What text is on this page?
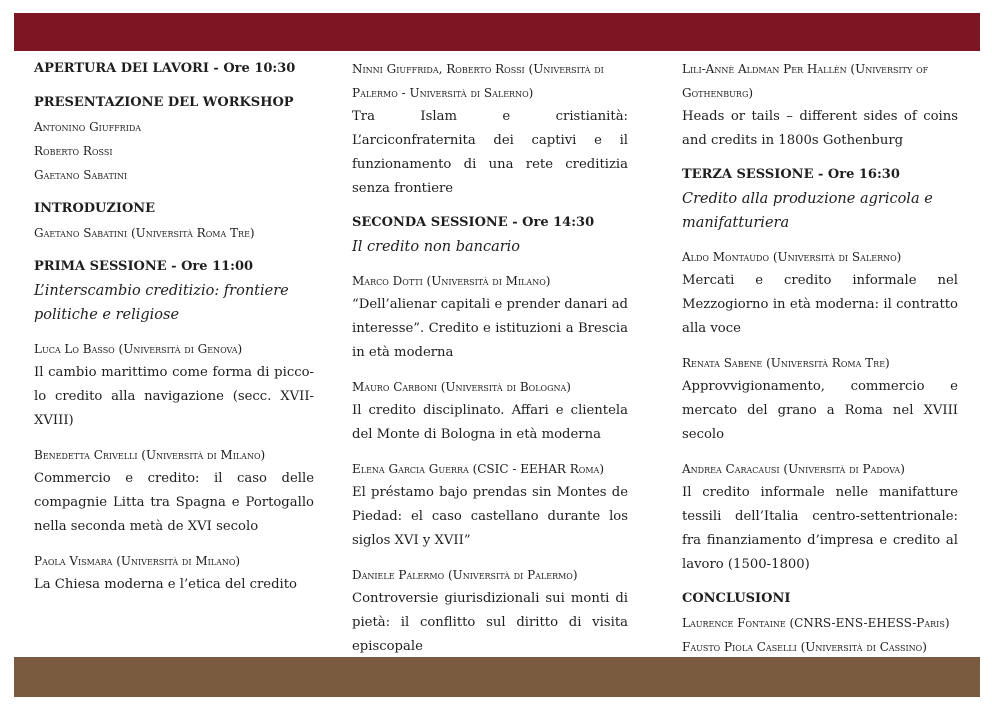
APERTURA DEI LAVORI - Ore 10:30
PRESENTAZIONE DEL WORKSHOP
Antonino Giuffrida
Roberto Rossi
Gaetano Sabatini
INTRODUZIONE
Gaetano Sabatini (Università Roma Tre)
PRIMA SESSIONE - Ore 11:00
L’interscambio creditizio: frontiere politiche e religiose
Luca Lo Basso (Università di Genova)
Il cambio marittimo come forma di picco-lo credito alla navigazione (secc. XVII-XVIII)
Benedetta Crivelli (Università di Milano)
Commercio e credito: il caso delle compagnie Litta tra Spagna e Portogallo nella seconda metà de XVI secolo
Paola Vismara (Università di Milano)
La Chiesa moderna e l’etica del credito
Ninni Giuffrida, Roberto Rossi (Università di Palermo - Università di Salerno)
Tra Islam e cristianità: L’arciconfraternita dei captivi e il funzionamento di una rete creditizia senza frontiere
SECONDA SESSIONE - Ore 14:30
Il credito non bancario
Marco Dotti (Università di Milano)
“Dell’alienar capitali e prender danari ad interesse”. Credito e istituzioni a Brescia in età moderna
Mauro Carboni (Università di Bologna)
Il credito disciplinato. Affari e clientela del Monte di Bologna in età moderna
Elena Garcia Guerra (CSIC - EEHAR Roma)
El préstamo bajo prendas sin Montes de Piedad: el caso castellano durante los siglos XVI y XVII”
Daniele Palermo (Università di Palermo)
Controversie giurisdizionali sui monti di pietà: il conflitto sul diritto di visita episcopale
Lili-Annè Aldman Per Hallèn (University of Gothenburg)
Heads or tails – different sides of coins and credits in 1800s Gothenburg
TERZA SESSIONE - Ore 16:30
Credito alla produzione agricola e manifatturiera
Aldo Montaudo (Università di Salerno)
Mercati e credito informale nel Mezzogiorno in età moderna: il contratto alla voce
Renata Sabene (Università Roma Tre)
Approvvigionamento, commercio e mercato del grano a Roma nel XVIII secolo
Andrea Caracausi (Università di Padova)
Il credito informale nelle manifatture tessili dell’Italia centro-settentrionale: fra finanziamento d’impresa e credito al lavoro (1500-1800)
CONCLUSIONI
Laurence Fontaine (CNRS-ENS-EHESS-Paris)
Fausto Piola Caselli (Università di Cassino)
